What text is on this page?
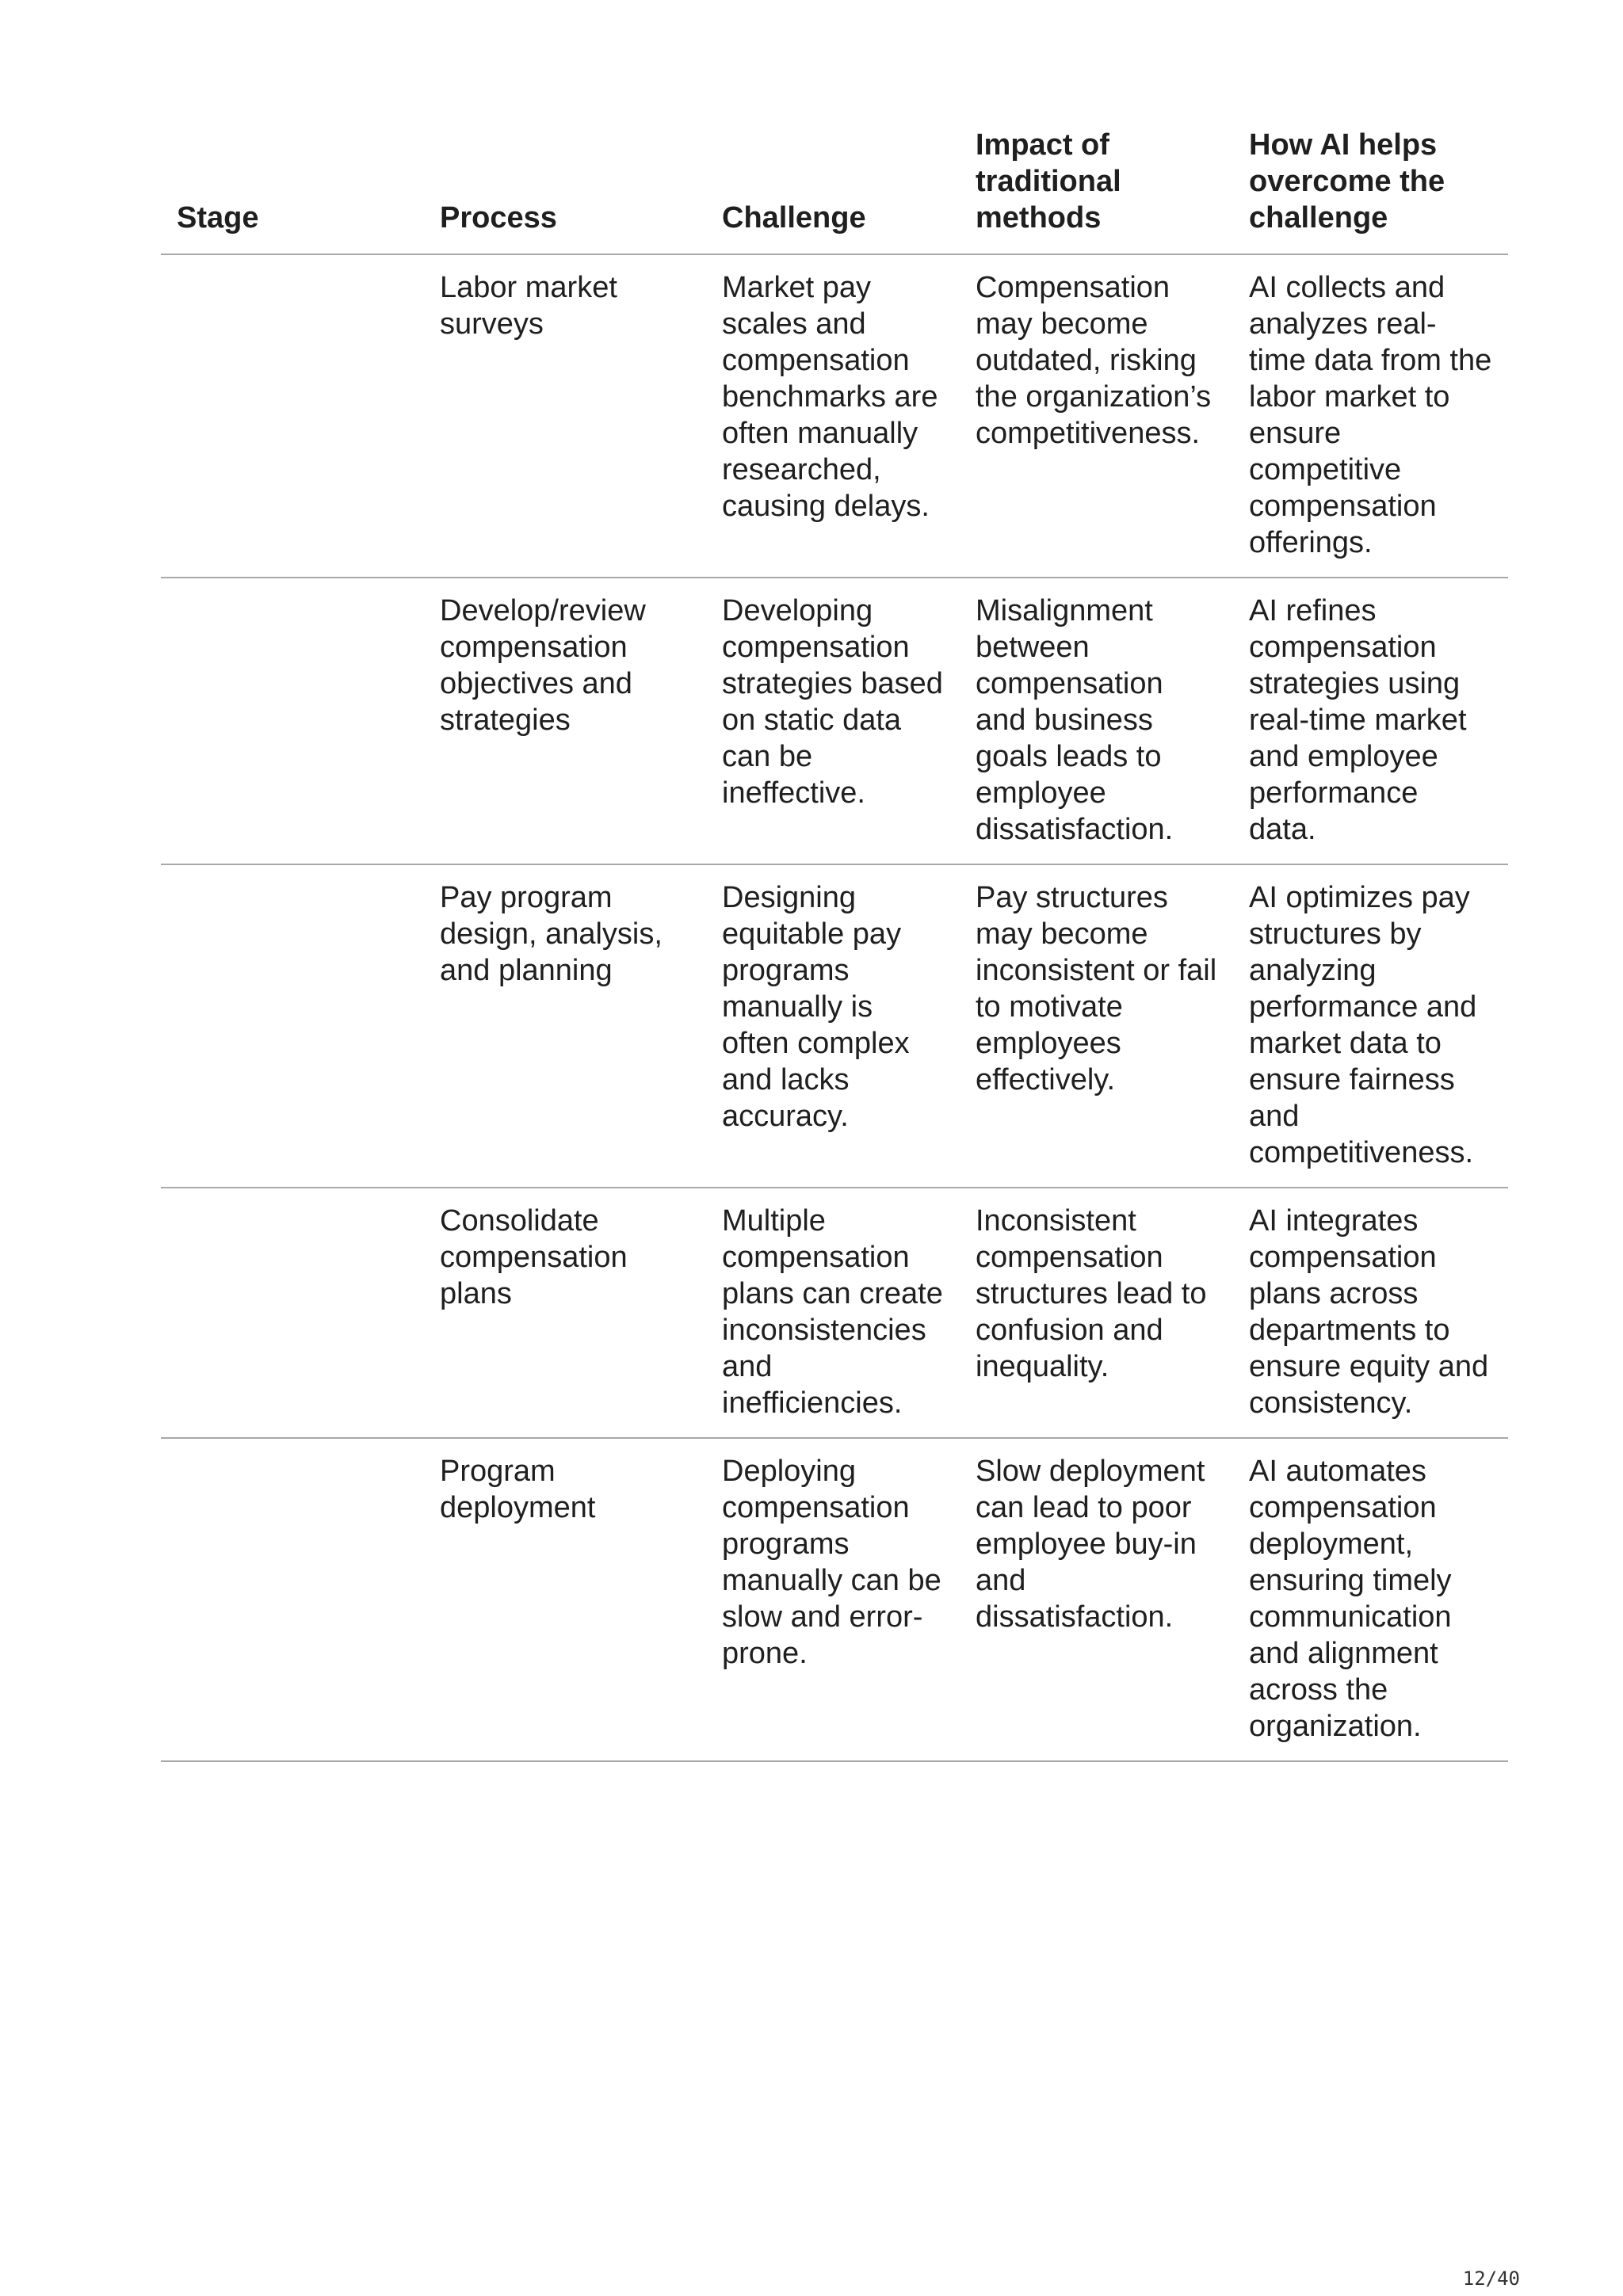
Stage	Process	Challenge	Impact of traditional methods	How AI helps overcome the challenge
	Labor market surveys	Market pay scales and compensation benchmarks are often manually researched, causing delays.	Compensation may become outdated, risking the organization’s competitiveness.	AI collects and analyzes real-time data from the labor market to ensure competitive compensation offerings.
	Develop/review compensation objectives and strategies	Developing compensation strategies based on static data can be ineffective.	Misalignment between compensation and business goals leads to employee dissatisfaction.	AI refines compensation strategies using real-time market and employee performance data.
	Pay program design, analysis, and planning	Designing equitable pay programs manually is often complex and lacks accuracy.	Pay structures may become inconsistent or fail to motivate employees effectively.	AI optimizes pay structures by analyzing performance and market data to ensure fairness and competitiveness.
	Consolidate compensation plans	Multiple compensation plans can create inconsistencies and inefficiencies.	Inconsistent compensation structures lead to confusion and inequality.	AI integrates compensation plans across departments to ensure equity and consistency.
	Program deployment	Deploying compensation programs manually can be slow and error-prone.	Slow deployment can lead to poor employee buy-in and dissatisfaction.	AI automates compensation deployment, ensuring timely communication and alignment across the organization.
12/40
